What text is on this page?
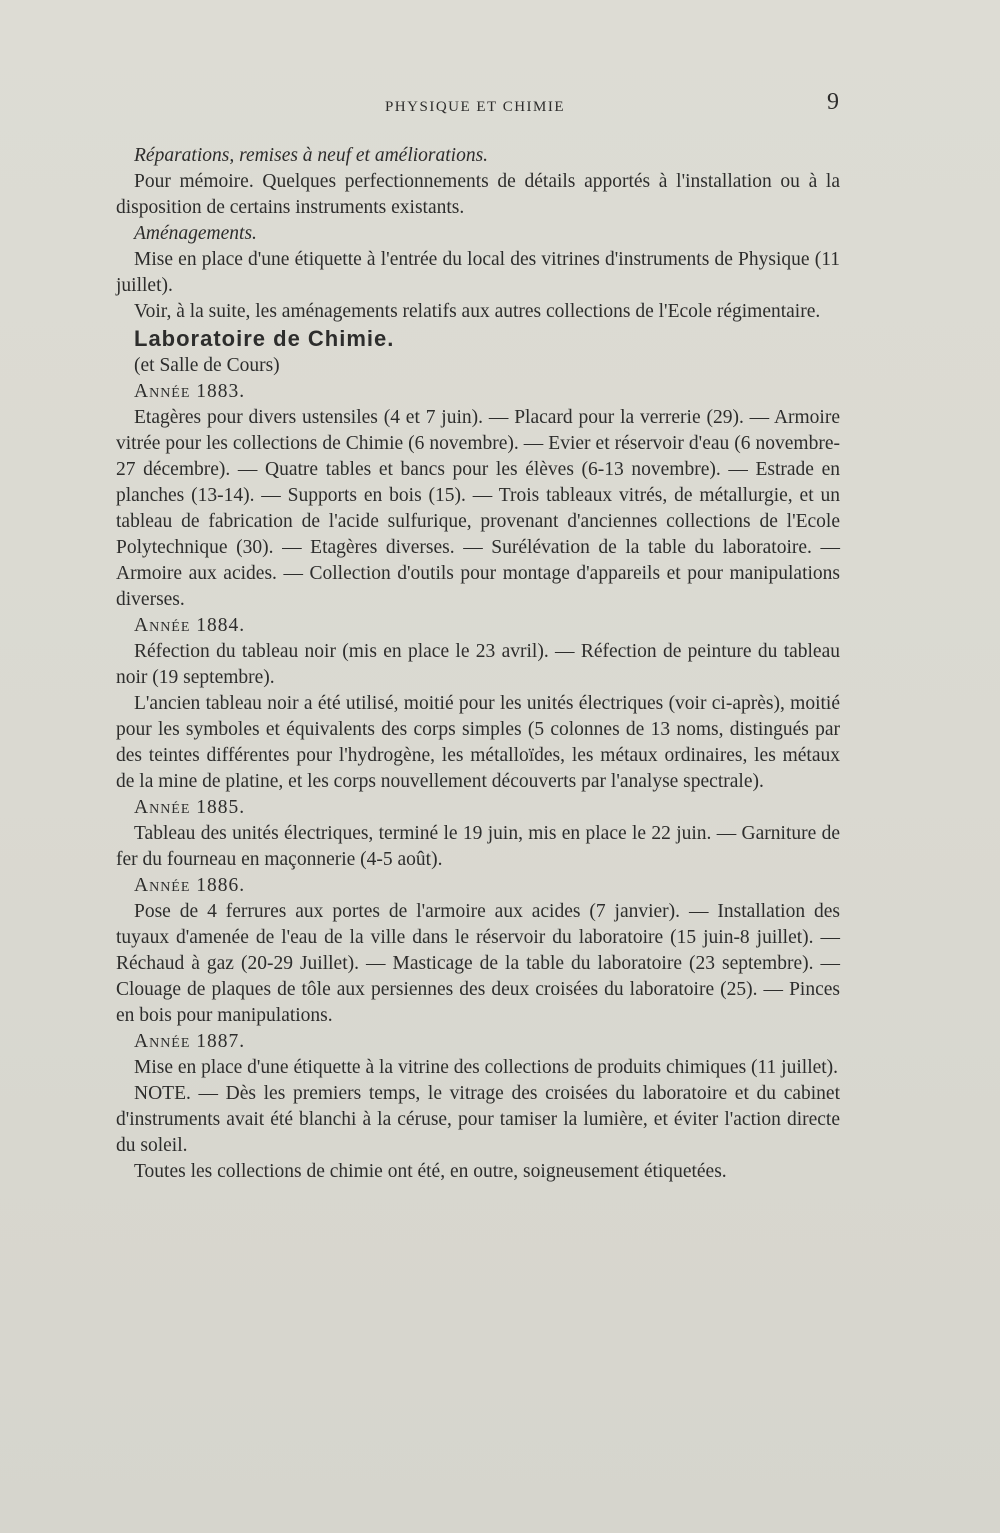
PHYSIQUE ET CHIMIE	9

Réparations, remises à neuf et améliorations.

Pour mémoire. Quelques perfectionnements de détails apportés à l'installation ou à la disposition de certains instruments existants.

Aménagements.

Mise en place d'une étiquette à l'entrée du local des vitrines d'instruments de Physique (11 juillet).

Voir, à la suite, les aménagements relatifs aux autres collections de l'Ecole régimentaire.

Laboratoire de Chimie.

(et Salle de Cours)

Année 1883.

Etagères pour divers ustensiles (4 et 7 juin). — Placard pour la verrerie (29). — Armoire vitrée pour les collections de Chimie (6 novembre). — Evier et réservoir d'eau (6 novembre-27 décembre). — Quatre tables et bancs pour les élèves (6-13 novembre). — Estrade en planches (13-14). — Supports en bois (15). — Trois tableaux vitrés, de métallurgie, et un tableau de fabrication de l'acide sulfurique, provenant d'anciennes collections de l'Ecole Polytechnique (30). — Etagères diverses. — Surélévation de la table du laboratoire. — Armoire aux acides. — Collection d'outils pour montage d'appareils et pour manipulations diverses.

Année 1884.

Réfection du tableau noir (mis en place le 23 avril). — Réfection de peinture du tableau noir (19 septembre).

L'ancien tableau noir a été utilisé, moitié pour les unités électriques (voir ci-après), moitié pour les symboles et équivalents des corps simples (5 colonnes de 13 noms, distingués par des teintes différentes pour l'hydrogène, les métalloïdes, les métaux ordinaires, les métaux de la mine de platine, et les corps nouvellement découverts par l'analyse spectrale).

Année 1885.

Tableau des unités électriques, terminé le 19 juin, mis en place le 22 juin. — Garniture de fer du fourneau en maçonnerie (4-5 août).

Année 1886.

Pose de 4 ferrures aux portes de l'armoire aux acides (7 janvier). — Installation des tuyaux d'amenée de l'eau de la ville dans le réservoir du laboratoire (15 juin-8 juillet). — Réchaud à gaz (20-29 Juillet). — Masticage de la table du laboratoire (23 septembre). — Clouage de plaques de tôle aux persiennes des deux croisées du laboratoire (25). — Pinces en bois pour manipulations.

Année 1887.

Mise en place d'une étiquette à la vitrine des collections de produits chimiques (11 juillet).

NOTE. — Dès les premiers temps, le vitrage des croisées du laboratoire et du cabinet d'instruments avait été blanchi à la céruse, pour tamiser la lumière, et éviter l'action directe du soleil.

Toutes les collections de chimie ont été, en outre, soigneusement étiquetées.
